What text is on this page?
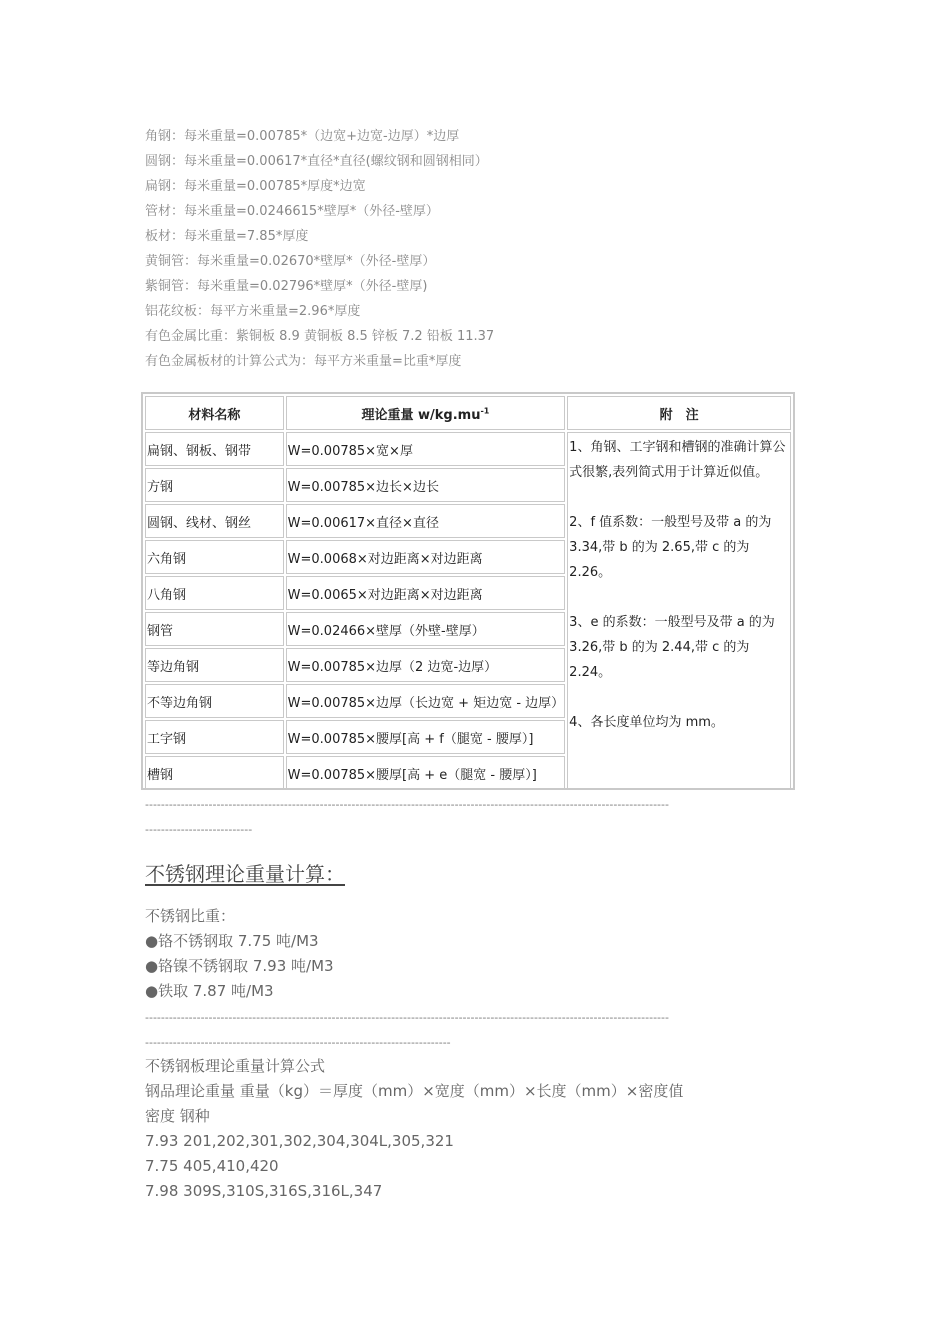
角钢：每米重量=0.00785*（边宽+边宽-边厚）*边厚
圆钢：每米重量=0.00617*直径*直径(螺纹钢和圆钢相同）
扁钢：每米重量=0.00785*厚度*边宽
管材：每米重量=0.0246615*壁厚*（外径-壁厚）
板材：每米重量=7.85*厚度
黄铜管：每米重量=0.02670*壁厚*（外径-壁厚）
紫铜管：每米重量=0.02796*壁厚*（外径-壁厚)
铝花纹板：每平方米重量=2.96*厚度
有色金属比重：紫铜板 8.9 黄铜板 8.5 锌板 7.2 铅板 11.37
有色金属板材的计算公式为：每平方米重量=比重*厚度
材料名称	理论重量 $w/kg.mu^{-1}$	附　注
扁钢、钢板、钢带	W=0.00785×宽×厚	1、角钢、工字钢和槽钢的准确计算公式很繁,表列简式用于计算近似值。

2、f 值系数：一般型号及带 a 的为 3.34,带 b 的为 2.65,带 c 的为 2.26。

3、e 的系数：一般型号及带 a 的为 3.26,带 b 的为 2.44,带 c 的为 2.24。

4、各长度单位均为 mm。

方钢	W=0.00785×边长×边长	
圆钢、线材、钢丝	W=0.00617×直径×直径	
六角钢	W=0.0068×对边距离×对边距离	
八角钢	W=0.0065×对边距离×对边距离	
钢管	W=0.02466×壁厚（外壁-壁厚）	
等边角钢	W=0.00785×边厚（2 边宽-边厚）	
不等边角钢	W=0.00785×边厚（长边宽 + 矩边宽 - 边厚）	
工字钢	W=0.00785×腰厚[高 + f（腿宽 - 腰厚）]	
槽钢	W=0.00785×腰厚[高 + e（腿宽 - 腰厚）]	
------------------------------------------------------------------------------------------------------------------------------------
---------------------------
不锈钢理论重量计算：
不锈钢比重：
●铬不锈钢取 7.75 吨/M3
●铬镍不锈钢取 7.93 吨/M3
●铁取 7.87 吨/M3
------------------------------------------------------------------------------------------------------------------------------------
-----------------------------------------------------------------------------
不锈钢板理论重量计算公式
钢品理论重量 重量（kg）＝厚度（mm）×宽度（mm）×长度（mm）×密度值
密度 钢种
7.93 201,202,301,302,304,304L,305,321
7.75 405,410,420
7.98 309S,310S,316S,316L,347
